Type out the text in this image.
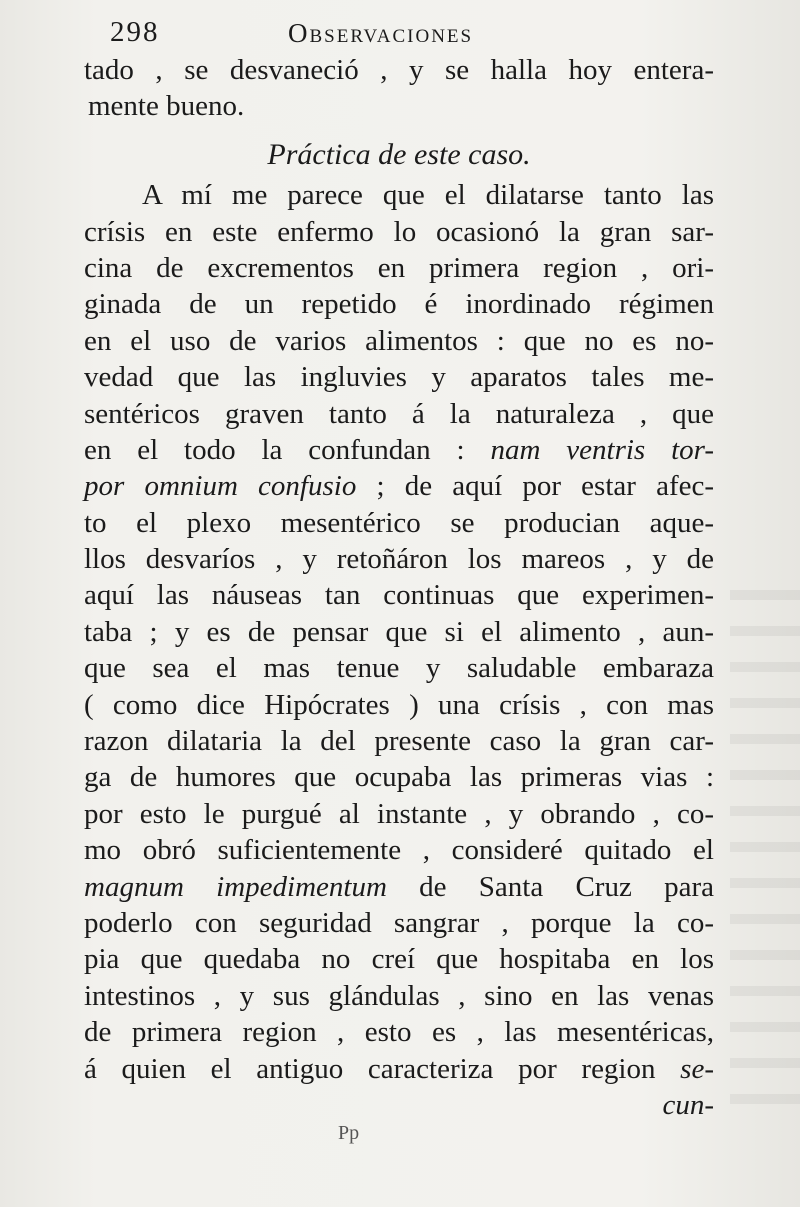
298	Observaciones
tado , se desvaneció , y se halla hoy entera-
mente bueno.
Práctica de este caso.
A mí me parece que el dilatarse tanto las
crísis en este enfermo lo ocasionó la gran sar-
cina de excrementos en primera region , ori-
ginada de un repetido é inordinado régimen
en el uso de varios alimentos : que no es no-
vedad que las ingluvies y aparatos tales me-
sentéricos graven tanto á la naturaleza , que
en el todo la confundan : nam ventris tor-
por omnium confusio ; de aquí por estar afec-
to el plexo mesentérico se producian aque-
llos desvaríos , y retoñáron los mareos , y de
aquí las náuseas tan continuas que experimen-
taba ; y es de pensar que si el alimento , aun-
que sea el mas tenue y saludable embaraza
( como dice Hipócrates ) una crísis , con mas
razon dilataria la del presente caso la gran car-
ga de humores que ocupaba las primeras vias :
por esto le purgué al instante , y obrando , co-
mo obró suficientemente , consideré quitado el
magnum impedimentum de Santa Cruz para
poderlo con seguridad sangrar , porque la co-
pia que quedaba no creí que hospitaba en los
intestinos , y sus glándulas , sino en las venas
de primera region , esto es , las mesentéricas,
á quien el antiguo caracteriza por region se-
cun-
Pp
